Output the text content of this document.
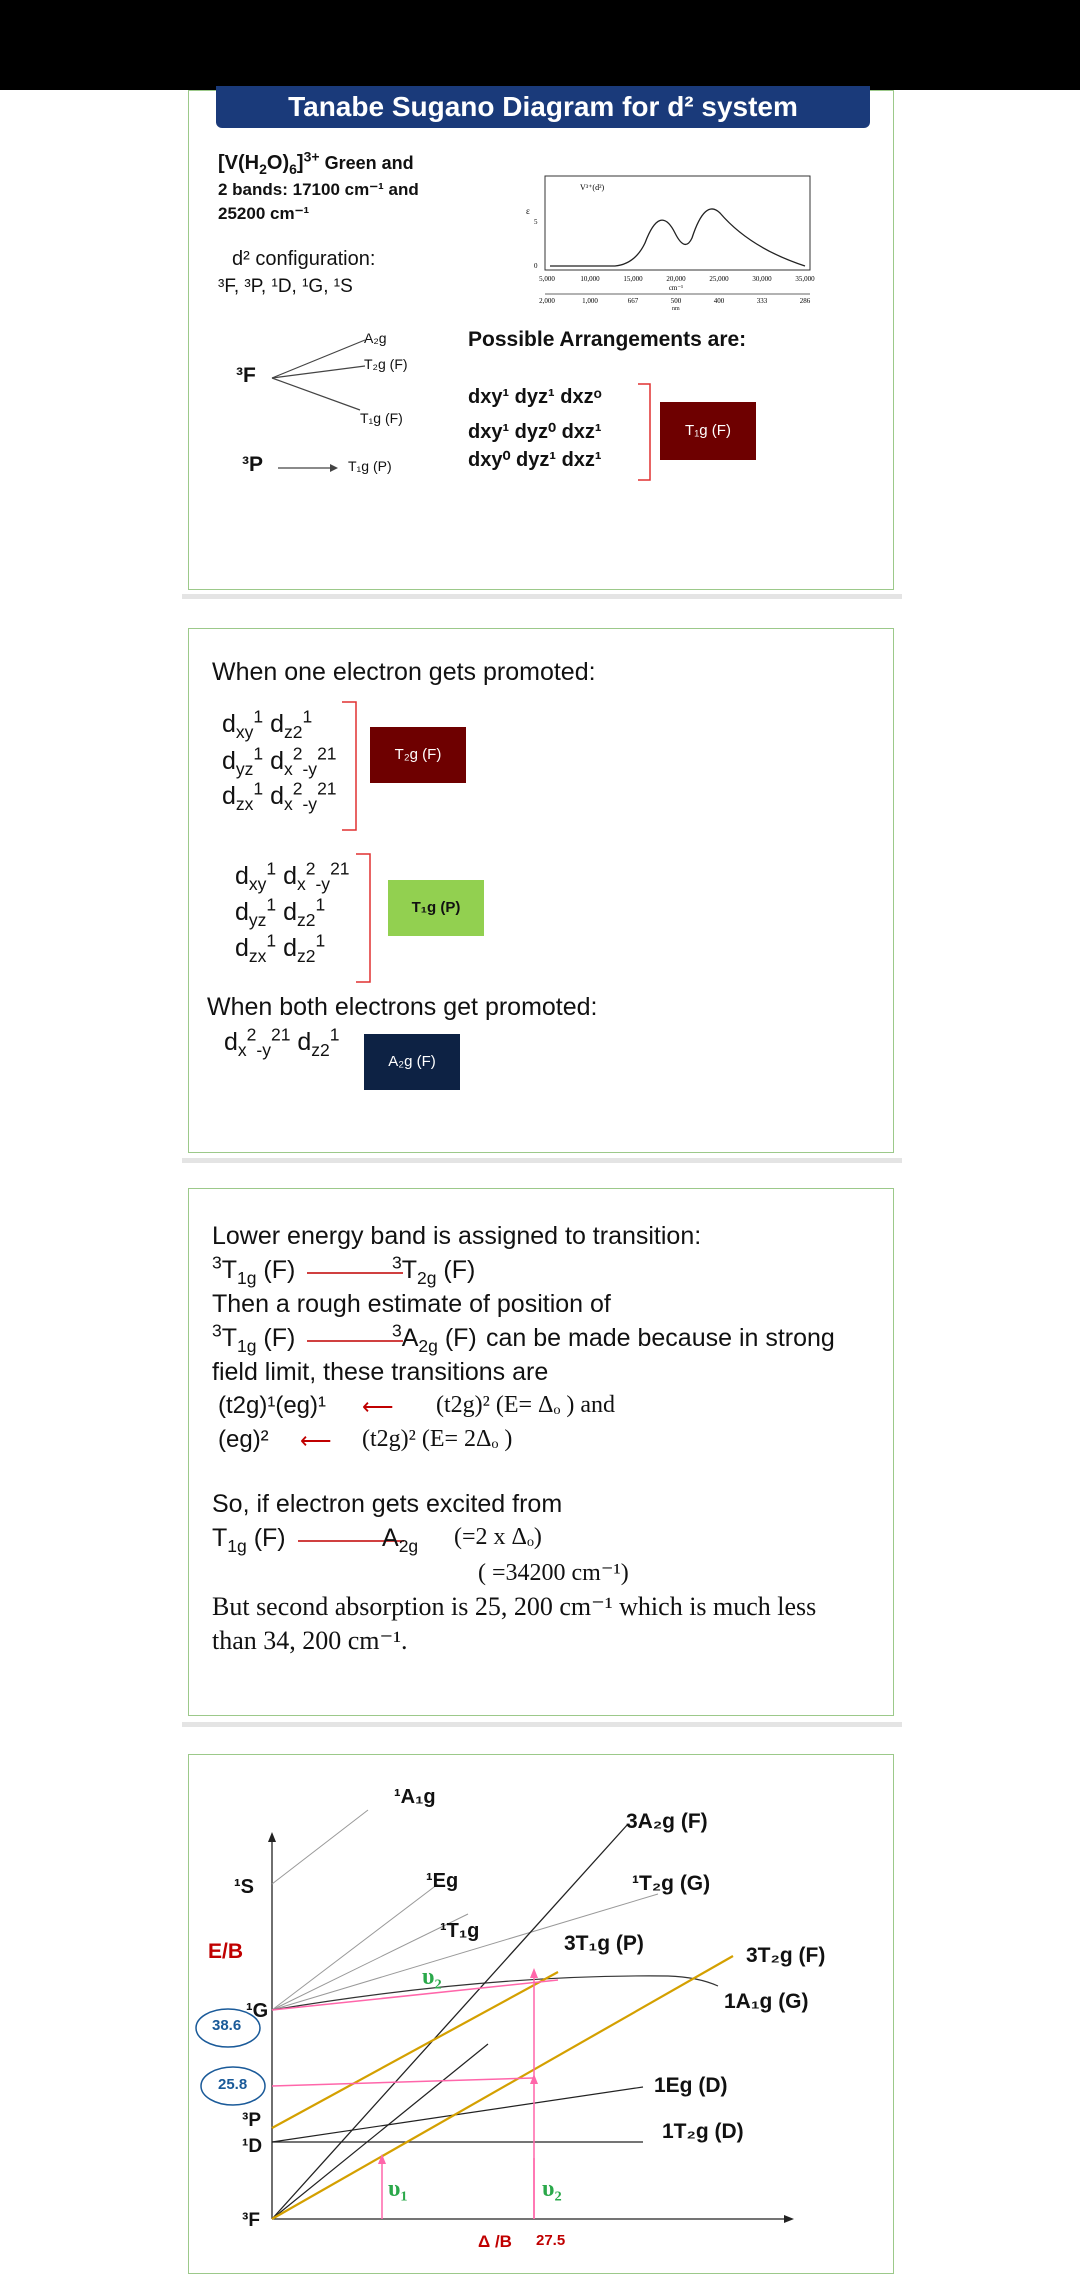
Tanabe Sugano Diagram for d² system
$[V(H_2O)_6]^{3+}$ Green and
2 bands: 17100 cm⁻¹ and
25200 cm⁻¹
d² configuration:
³F, ³P, ¹D, ¹G, ¹S
V³⁺(d²)
ε
5
0
5,000	10,000	15,000	20,000	25,000	30,000	35,000
cm⁻¹
2,000	1,000	667	500	400	333	286
nm
³F
³P
A₂g
T₂g (F)
T₁g (F)
T₁g (P)
Possible Arrangements are:
dxy¹ dyz¹ dxzᵒ
dxy¹ dyz⁰ dxz¹
dxy⁰ dyz¹ dxz¹
T₁g (F)
When one electron gets promoted:
$d_{xy}^1$ $d_{z2}^1$
$d_{yz}^1$ $d_x^2_{-y}^{21}$
$d_{zx}^1$ $d_x^2_{-y}^{21}$
T₂g (F)
$d_{xy}^1$ $d_x^2_{-y}^{21}$
$d_{yz}^1$ $d_{z2}^1$
$d_{zx}^1$ $d_{z2}^1$
T₁g (P)
When both electrons get promoted:
$d_x^2_{-y}^{21}$ $d_{z2}^1$
A₂g (F)
Lower energy band is assigned to transition:
$^3T_{1g}$ (F)	$^3T_{2g}$ (F)
Then a rough estimate of position of
$^3T_{1g}$ (F)	$^3A_{2g}$ (F) can be made because in strong
field limit, these transitions are
(t2g)¹(eg)¹ ⟵ (t2g)² (E= Δₒ ) and
(eg)² ⟵ (t2g)² (E= 2Δₒ )
So, if electron gets excited from
$T_{1g}$ (F)	$A_{2g}$ (=2 x Δₒ)
( =34200 cm⁻¹)
But second absorption is 25, 200 cm⁻¹ which is much less
than 34, 200 cm⁻¹.
38.6
25.8
E/B
¹S
¹G
³P
¹D
³F
¹A₁g
¹Eg
¹T₁g
3A₂g (F)
¹T₂g (G)
3T₁g (P)
3T₂g (F)
1A₁g (G)
1Eg (D)
1T₂g (D)
υ₂
υ₁	υ₂
Δ /B 27.5
